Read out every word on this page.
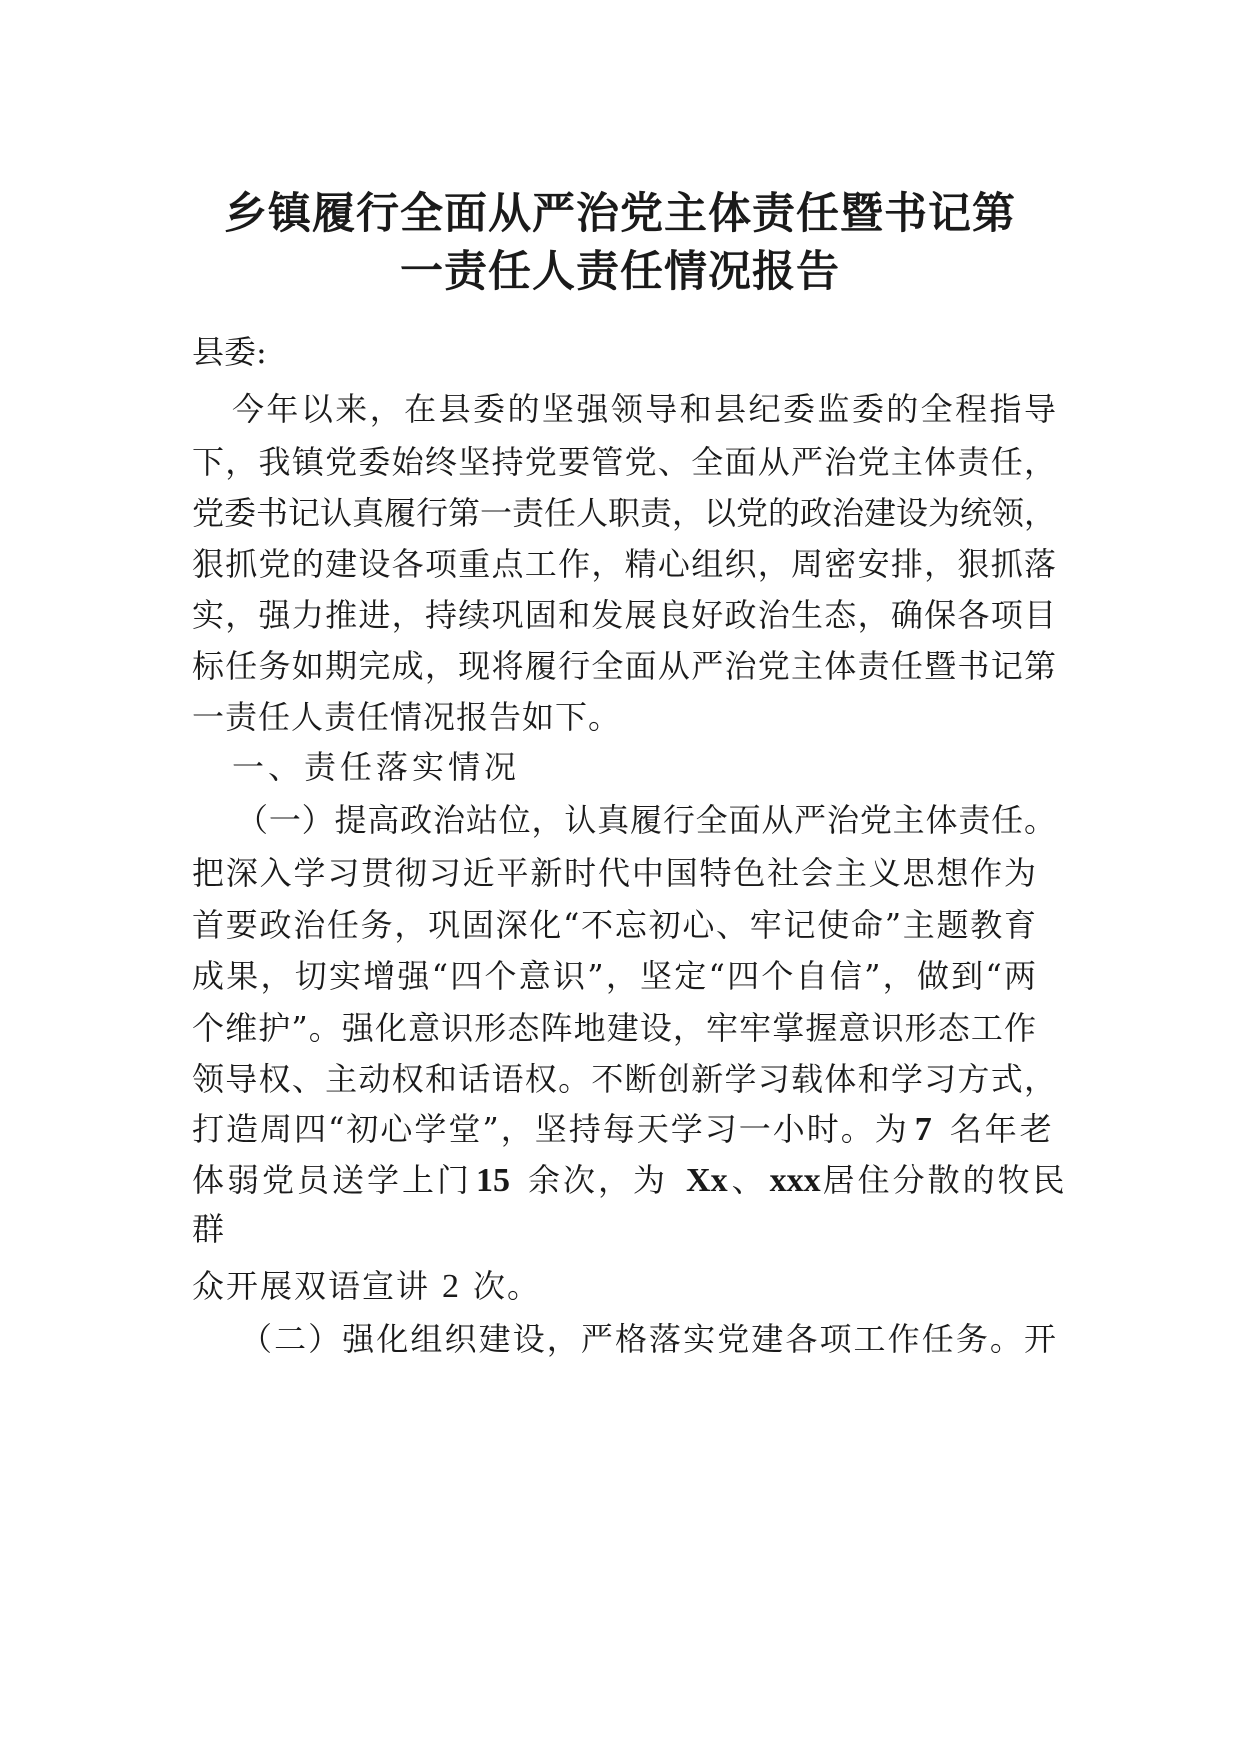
乡镇履行全面从严治党主体责任暨书记第
一责任人责任情况报告
县委:
今年以来，在县委的坚强领导和县纪委监委的全程指导
下，我镇党委始终坚持党要管党、全面从严治党主体责任，
党委书记认真履行第一责任人职责，以党的政治建设为统领，
狠抓党的建设各项重点工作，精心组织，周密安排，狠抓落
实，强力推进，持续巩固和发展良好政治生态，确保各项目
标任务如期完成，现将履行全面从严治党主体责任暨书记第
一责任人责任情况报告如下。
一、责任落实情况
（一）提高政治站位，认真履行全面从严治党主体责任。
把深入学习贯彻习近平新时代中国特色社会主义思想作为
首要政治任务，巩固深化“不忘初心、牢记使命”主题教育
成果，切实增强“四个意识”，坚定“四个自信”，做到“两
个维护”。强化意识形态阵地建设，牢牢掌握意识形态工作
领导权、主动权和话语权。不断创新学习载体和学习方式，
打造周四“初心学堂”，坚持每天学习一小时。为 7 名年老
体弱党员送学上门 15 余次，为 Xx 、 xxx居住分散的牧民
群
众开展双语宣讲 2 次。
（二）强化组织建设，严格落实党建各项工作任务。开
